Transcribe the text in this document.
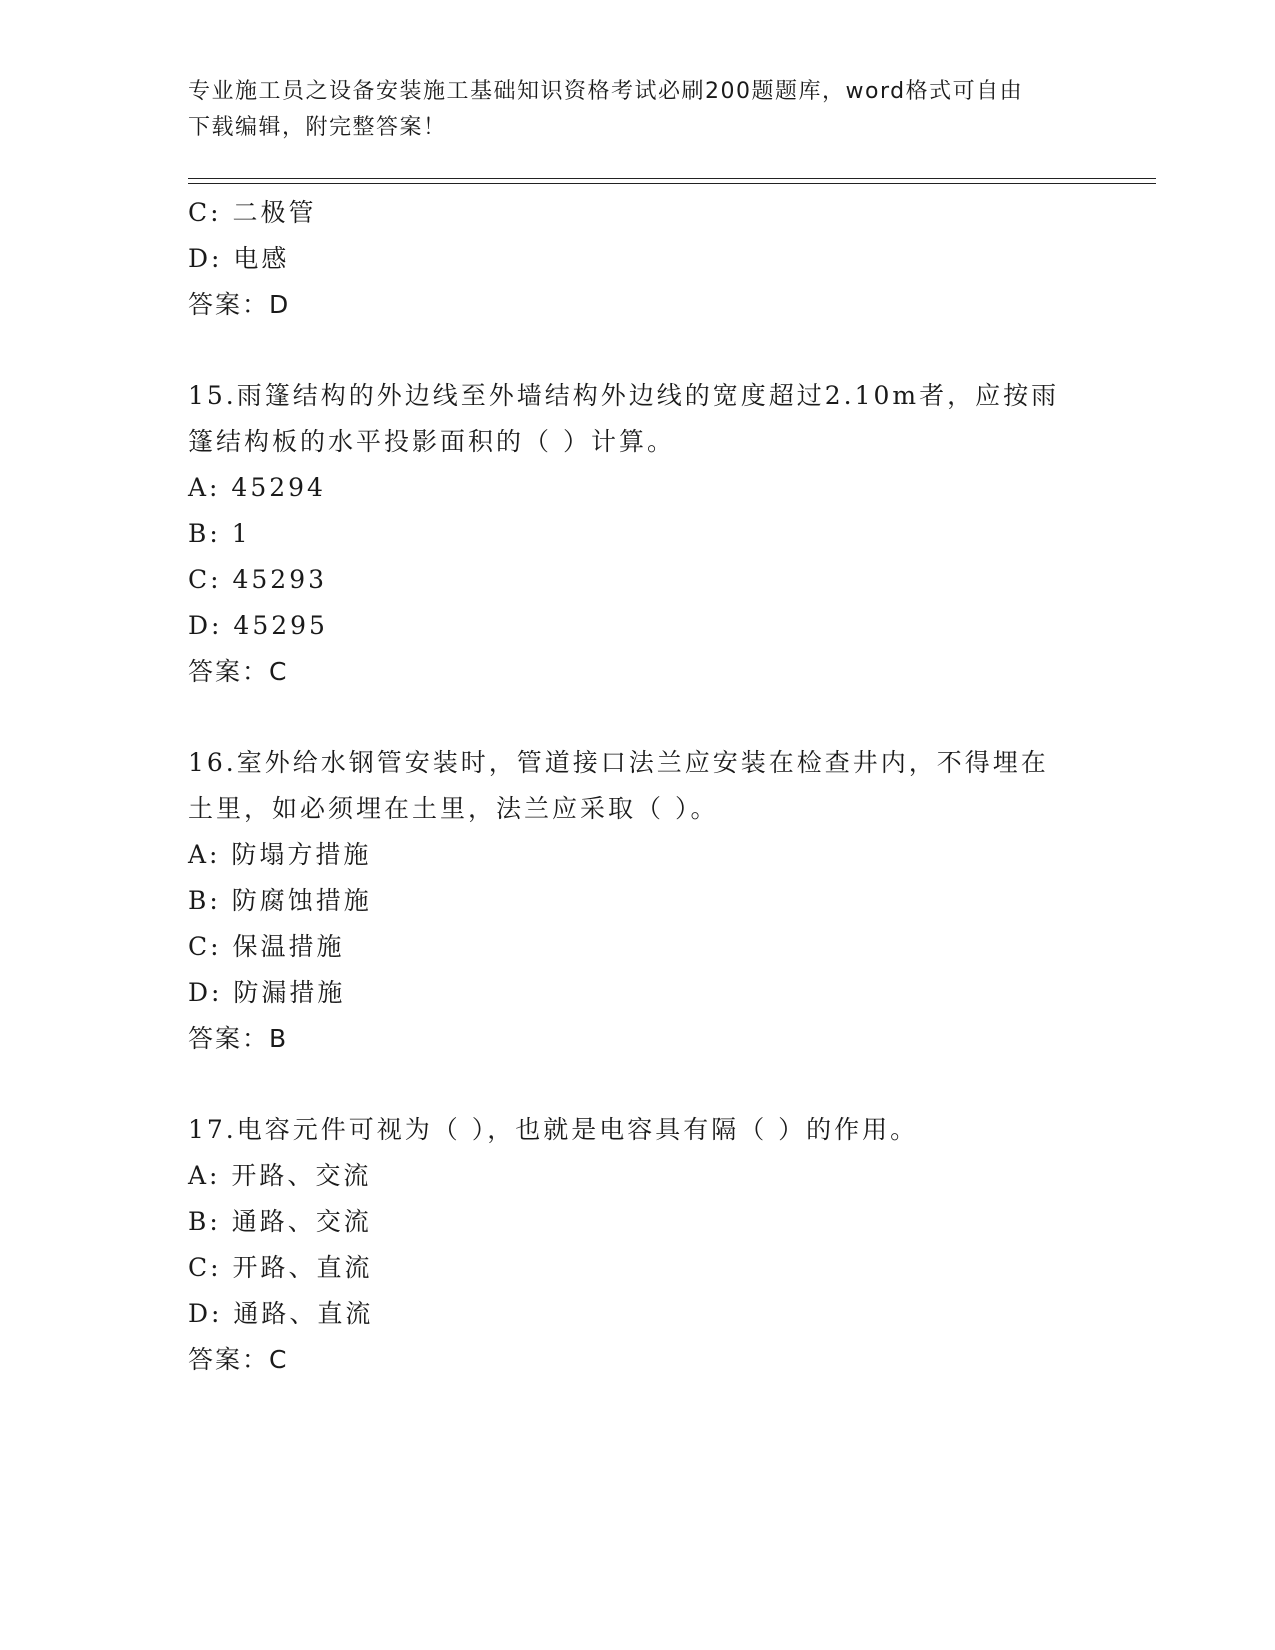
专业施工员之设备安装施工基础知识资格考试必刷200题题库，word格式可自由
下载编辑，附完整答案！
C: 二极管
D: 电感
答案：D
15.雨篷结构的外边线至外墙结构外边线的宽度超过2.10m者，应按雨
篷结构板的水平投影面积的（ ）计算。
A: 45294
B: 1
C: 45293
D: 45295
答案：C
16.室外给水钢管安装时，管道接口法兰应安装在检查井内，不得埋在
土里，如必须埋在土里，法兰应采取（ ）。
A: 防塌方措施
B: 防腐蚀措施
C: 保温措施
D: 防漏措施
答案：B
17.电容元件可视为（ ），也就是电容具有隔（ ）的作用。
A: 开路、交流
B: 通路、交流
C: 开路、直流
D: 通路、直流
答案：C
